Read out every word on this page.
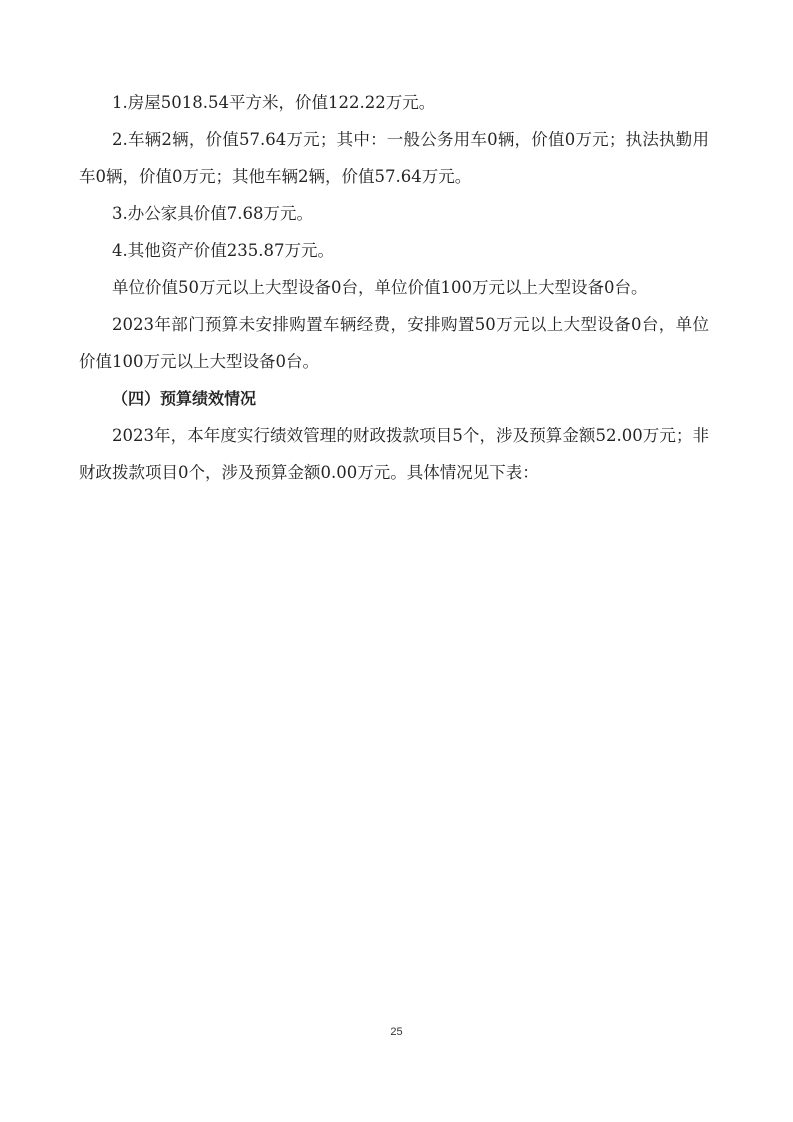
1.房屋5018.54平方米，价值122.22万元。

2.车辆2辆，价值57.64万元；其中：一般公务用车0辆，价值0万元；执法执勤用车0辆，价值0万元；其他车辆2辆，价值57.64万元。

3.办公家具价值7.68万元。

4.其他资产价值235.87万元。

单位价值50万元以上大型设备0台，单位价值100万元以上大型设备0台。

2023年部门预算未安排购置车辆经费，安排购置50万元以上大型设备0台，单位价值100万元以上大型设备0台。

（四）预算绩效情况

2023年，本年度实行绩效管理的财政拨款项目5个，涉及预算金额52.00万元；非财政拨款项目0个，涉及预算金额0.00万元。具体情况见下表：

25
